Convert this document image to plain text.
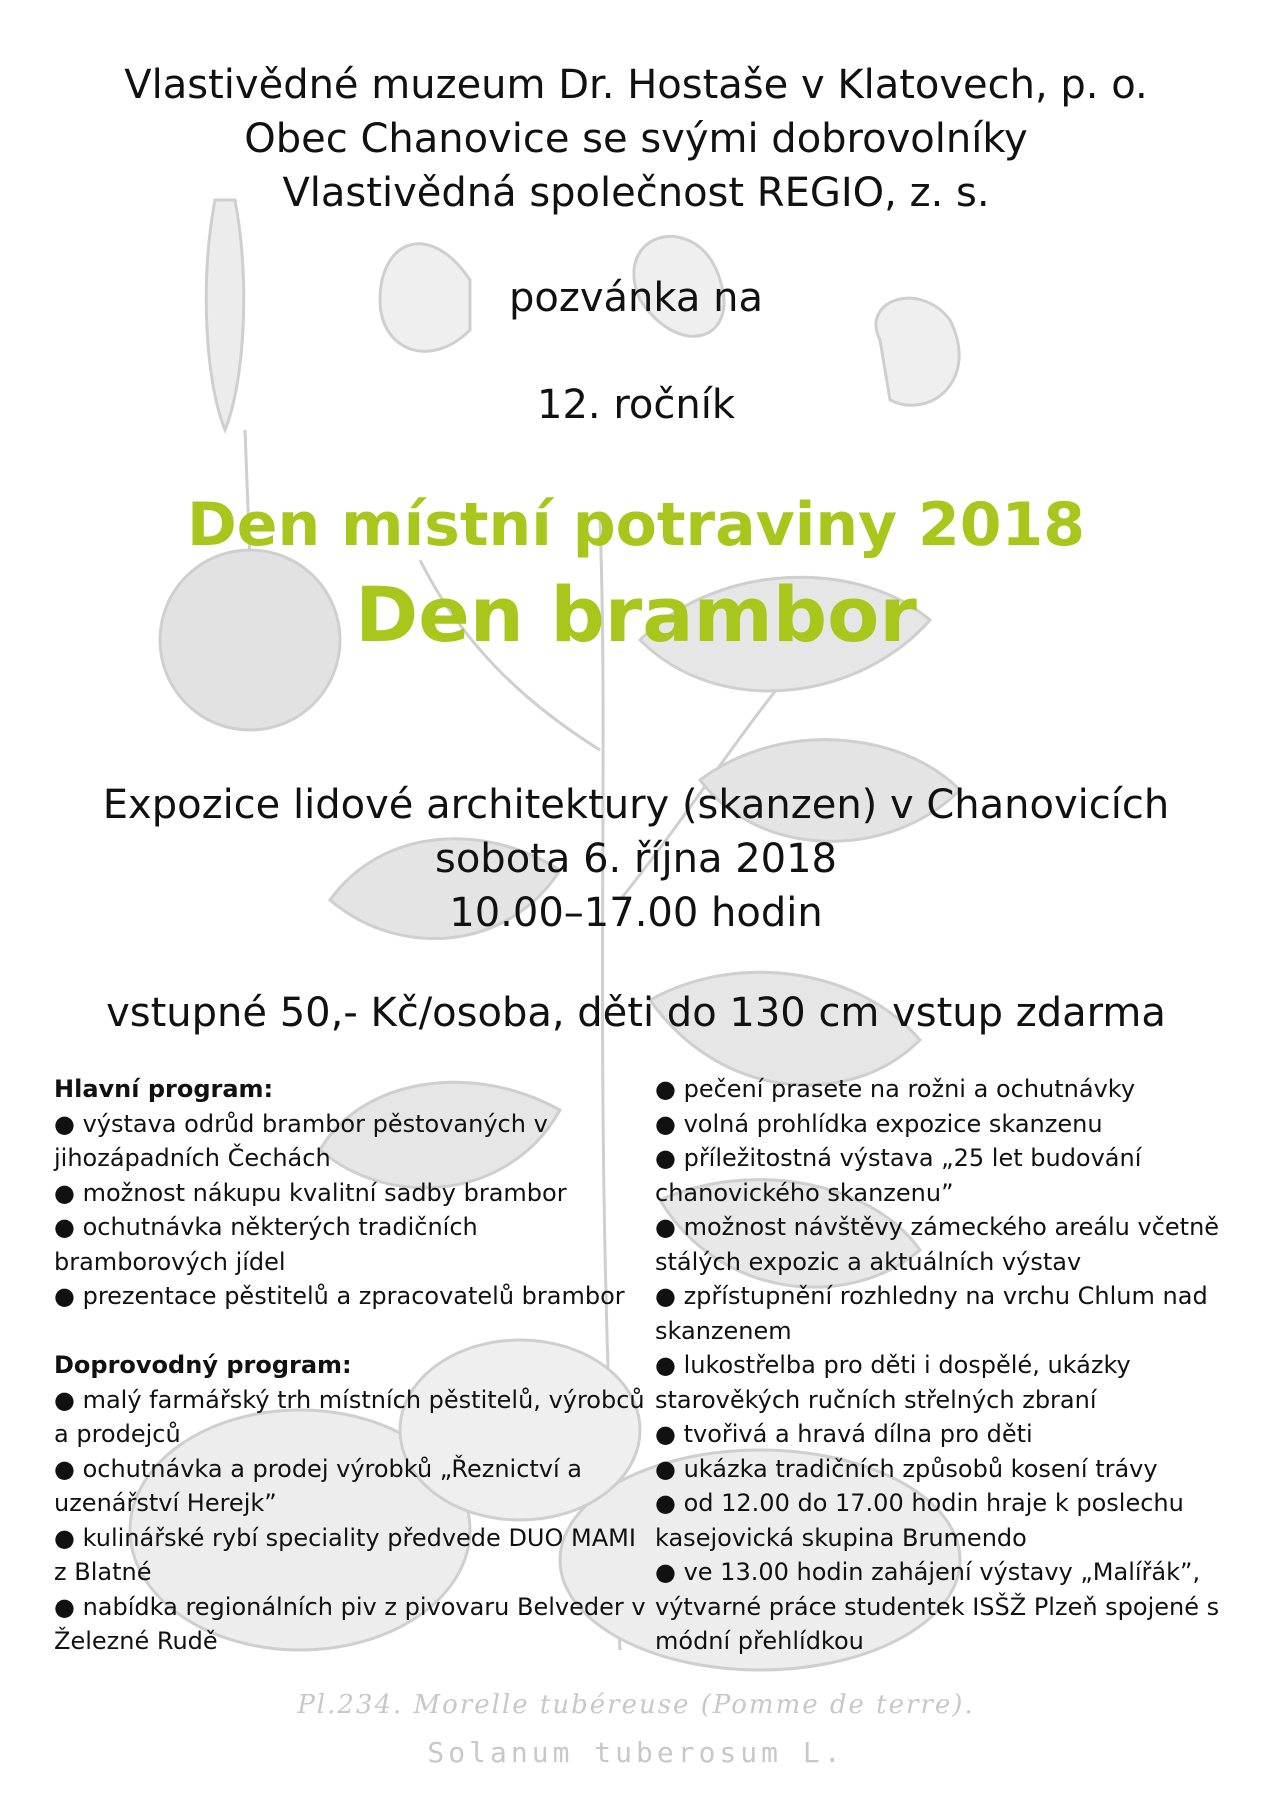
Vlastivědné muzeum Dr. Hostaše v Klatovech, p. o.
Obec Chanovice se svými dobrovolníky
Vlastivědná společnost REGIO, z. s.
pozvánka na
12. ročník
Den místní potraviny 2018
Den brambor
Expozice lidové architektury (skanzen) v Chanovicích
sobota 6. října 2018
10.00–17.00 hodin
vstupné 50,- Kč/osoba, děti do 130 cm vstup zdarma
Hlavní program:
● výstava odrůd brambor pěstovaných v jihozápadních Čechách
● možnost nákupu kvalitní sadby brambor
● ochutnávka některých tradičních bramborových jídel
● prezentace pěstitelů a zpracovatelů brambor
Doprovodný program:
● malý farmářský trh místních pěstitelů, výrobců a prodejců
● ochutnávka a prodej výrobků „Řeznictví a uzenářství Herejk”
● kulinářské rybí speciality předvede DUO MAMI z Blatné
● nabídka regionálních piv z pivovaru Belveder v Železné Rudě
● pečení prasete na rožni a ochutnávky
● volná prohlídka expozice skanzenu
● příležitostná výstava „25 let budování chanovického skanzenu”
● možnost návštěvy zámeckého areálu včetně stálých expozic a aktuálních výstav
● zpřístupnění rozhledny na vrchu Chlum nad skanzenem
● lukostřelba pro děti i dospělé, ukázky starověkých ručních střelných zbraní
● tvořivá a hravá dílna pro děti
● ukázka tradičních způsobů kosení trávy
● od 12.00 do 17.00 hodin hraje k poslechu kasejovická skupina Brumendo
● ve 13.00 hodin zahájení výstavy „Malířák”, výtvarné práce studentek ISŠŽ Plzeň spojené s módní přehlídkou
Pl.234. Morelle tubéreuse (Pomme de terre).
Solanum tuberosum L.
